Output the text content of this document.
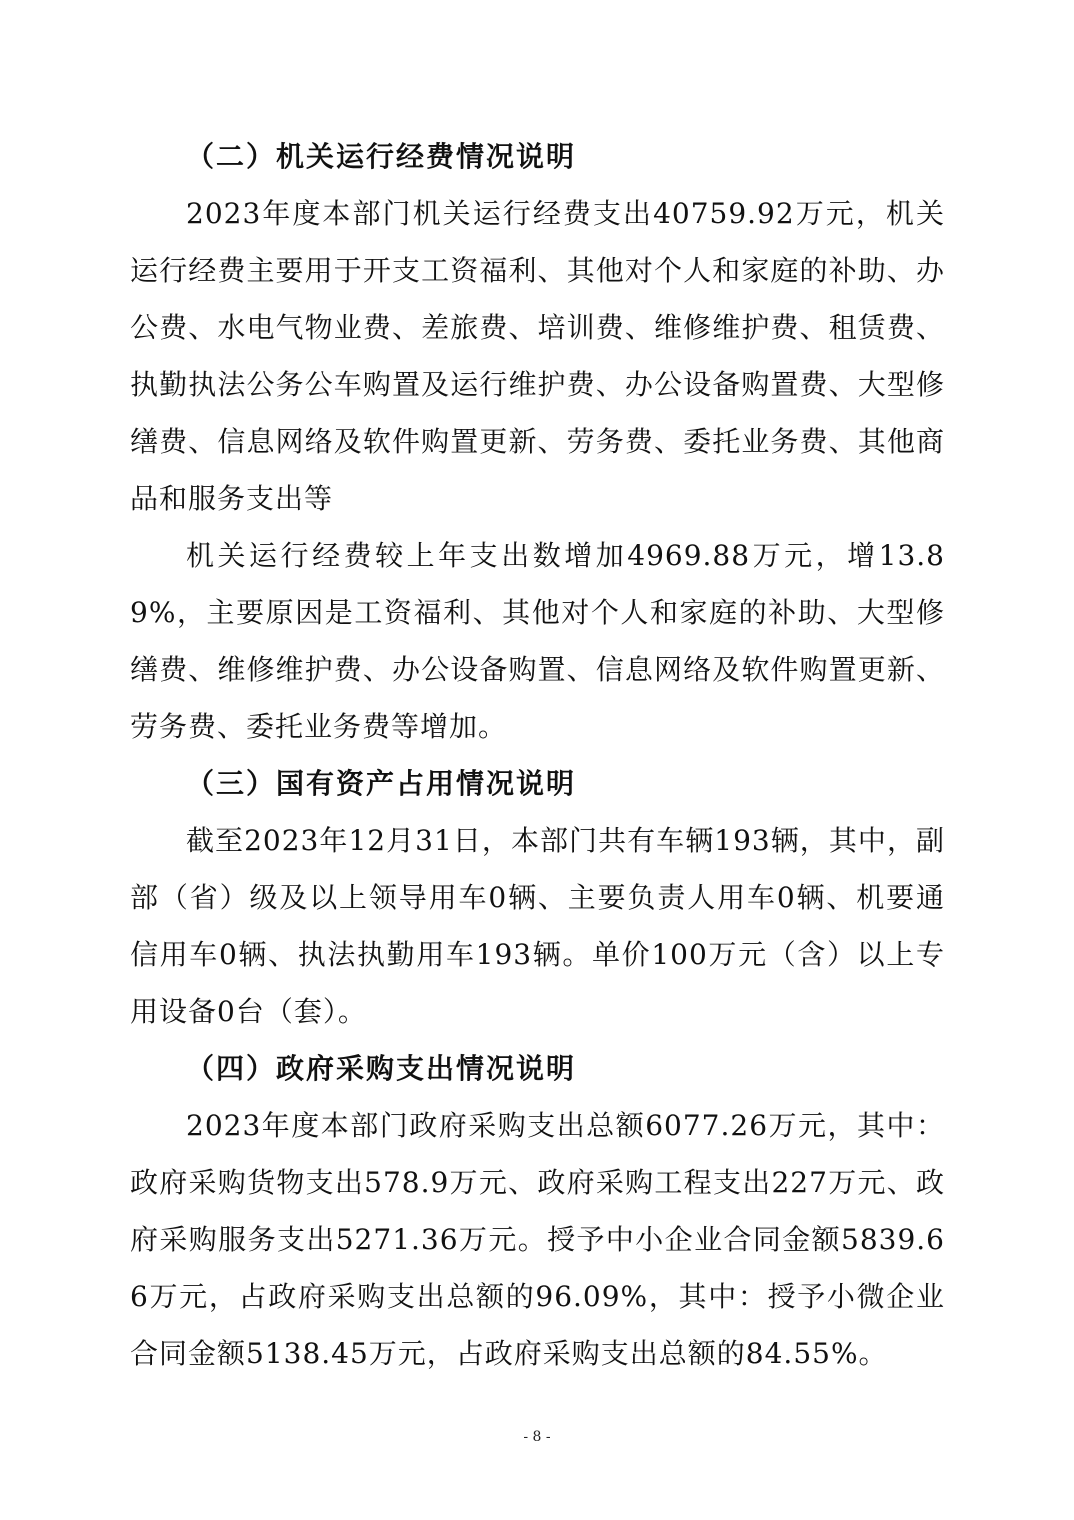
（二）机关运行经费情况说明
2023年度本部门机关运行经费支出40759.92万元，机关运行经费主要用于开支工资福利、其他对个人和家庭的补助、办公费、水电气物业费、差旅费、培训费、维修维护费、租赁费、执勤执法公务公车购置及运行维护费、办公设备购置费、大型修缮费、信息网络及软件购置更新、劳务费、委托业务费、其他商品和服务支出等
机关运行经费较上年支出数增加4969.88万元，增13.89%，主要原因是工资福利、其他对个人和家庭的补助、大型修缮费、维修维护费、办公设备购置、信息网络及软件购置更新、劳务费、委托业务费等增加。
（三）国有资产占用情况说明
截至2023年12月31日，本部门共有车辆193辆，其中，副部（省）级及以上领导用车0辆、主要负责人用车0辆、机要通信用车0辆、执法执勤用车193辆。单价100万元（含）以上专用设备0台（套）。
（四）政府采购支出情况说明
2023年度本部门政府采购支出总额6077.26万元，其中：政府采购货物支出578.9万元、政府采购工程支出227万元、政府采购服务支出5271.36万元。授予中小企业合同金额5839.66万元，占政府采购支出总额的96.09%，其中：授予小微企业合同金额5138.45万元，占政府采购支出总额的84.55%。
- 8 -
